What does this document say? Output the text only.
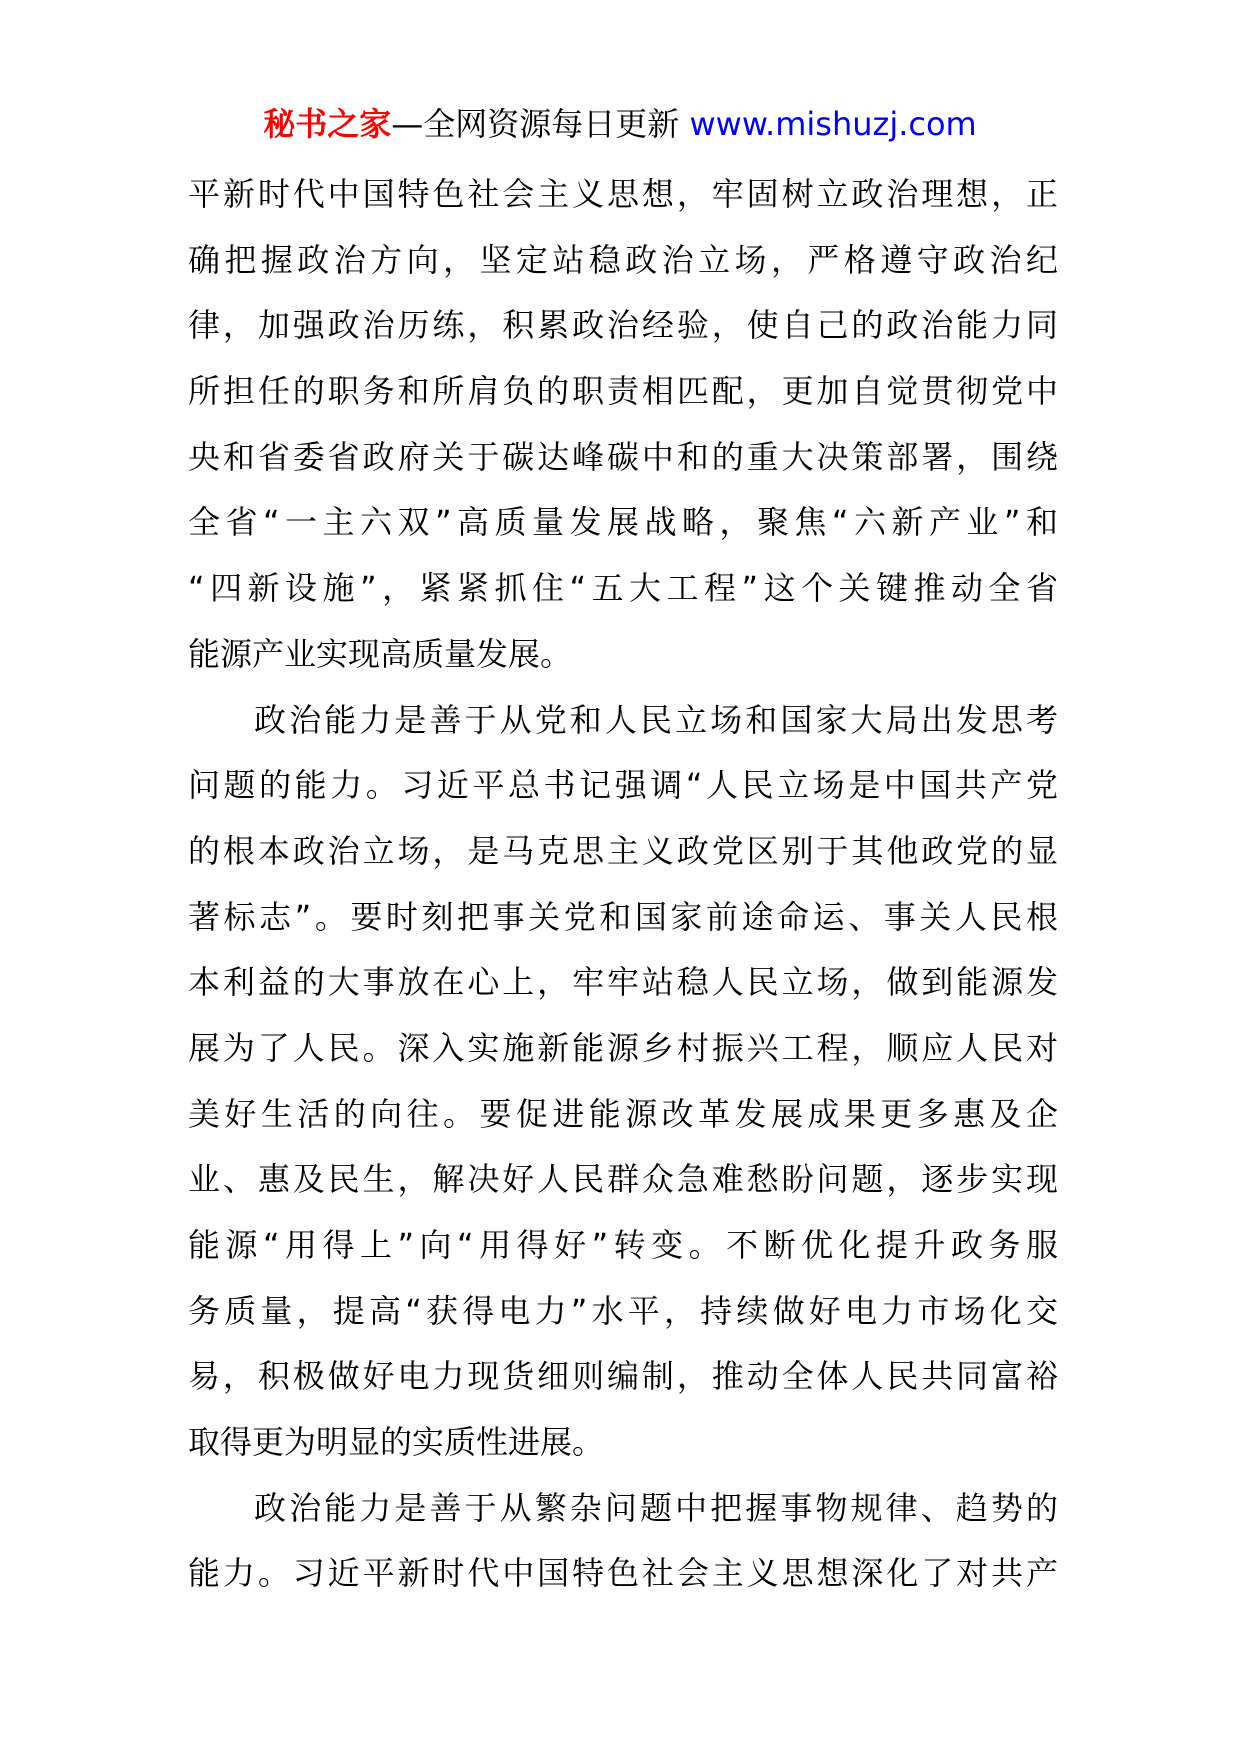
秘书之家—全网资源每日更新 www.mishuzj.com
平新时代中国特色社会主义思想，牢固树立政治理想，正
确把握政治方向，坚定站稳政治立场，严格遵守政治纪
律，加强政治历练，积累政治经验，使自己的政治能力同
所担任的职务和所肩负的职责相匹配，更加自觉贯彻党中
央和省委省政府关于碳达峰碳中和的重大决策部署，围绕
全省“一主六双”高质量发展战略，聚焦“六新产业”和
“四新设施”，紧紧抓住“五大工程”这个关键推动全省
能源产业实现高质量发展。
政治能力是善于从党和人民立场和国家大局出发思考
问题的能力。习近平总书记强调“人民立场是中国共产党
的根本政治立场，是马克思主义政党区别于其他政党的显
著标志”。要时刻把事关党和国家前途命运、事关人民根
本利益的大事放在心上，牢牢站稳人民立场，做到能源发
展为了人民。深入实施新能源乡村振兴工程，顺应人民对
美好生活的向往。要促进能源改革发展成果更多惠及企
业、惠及民生，解决好人民群众急难愁盼问题，逐步实现
能源“用得上”向“用得好”转变。不断优化提升政务服
务质量，提高“获得电力”水平，持续做好电力市场化交
易，积极做好电力现货细则编制，推动全体人民共同富裕
取得更为明显的实质性进展。
政治能力是善于从繁杂问题中把握事物规律、趋势的
能力。习近平新时代中国特色社会主义思想深化了对共产
